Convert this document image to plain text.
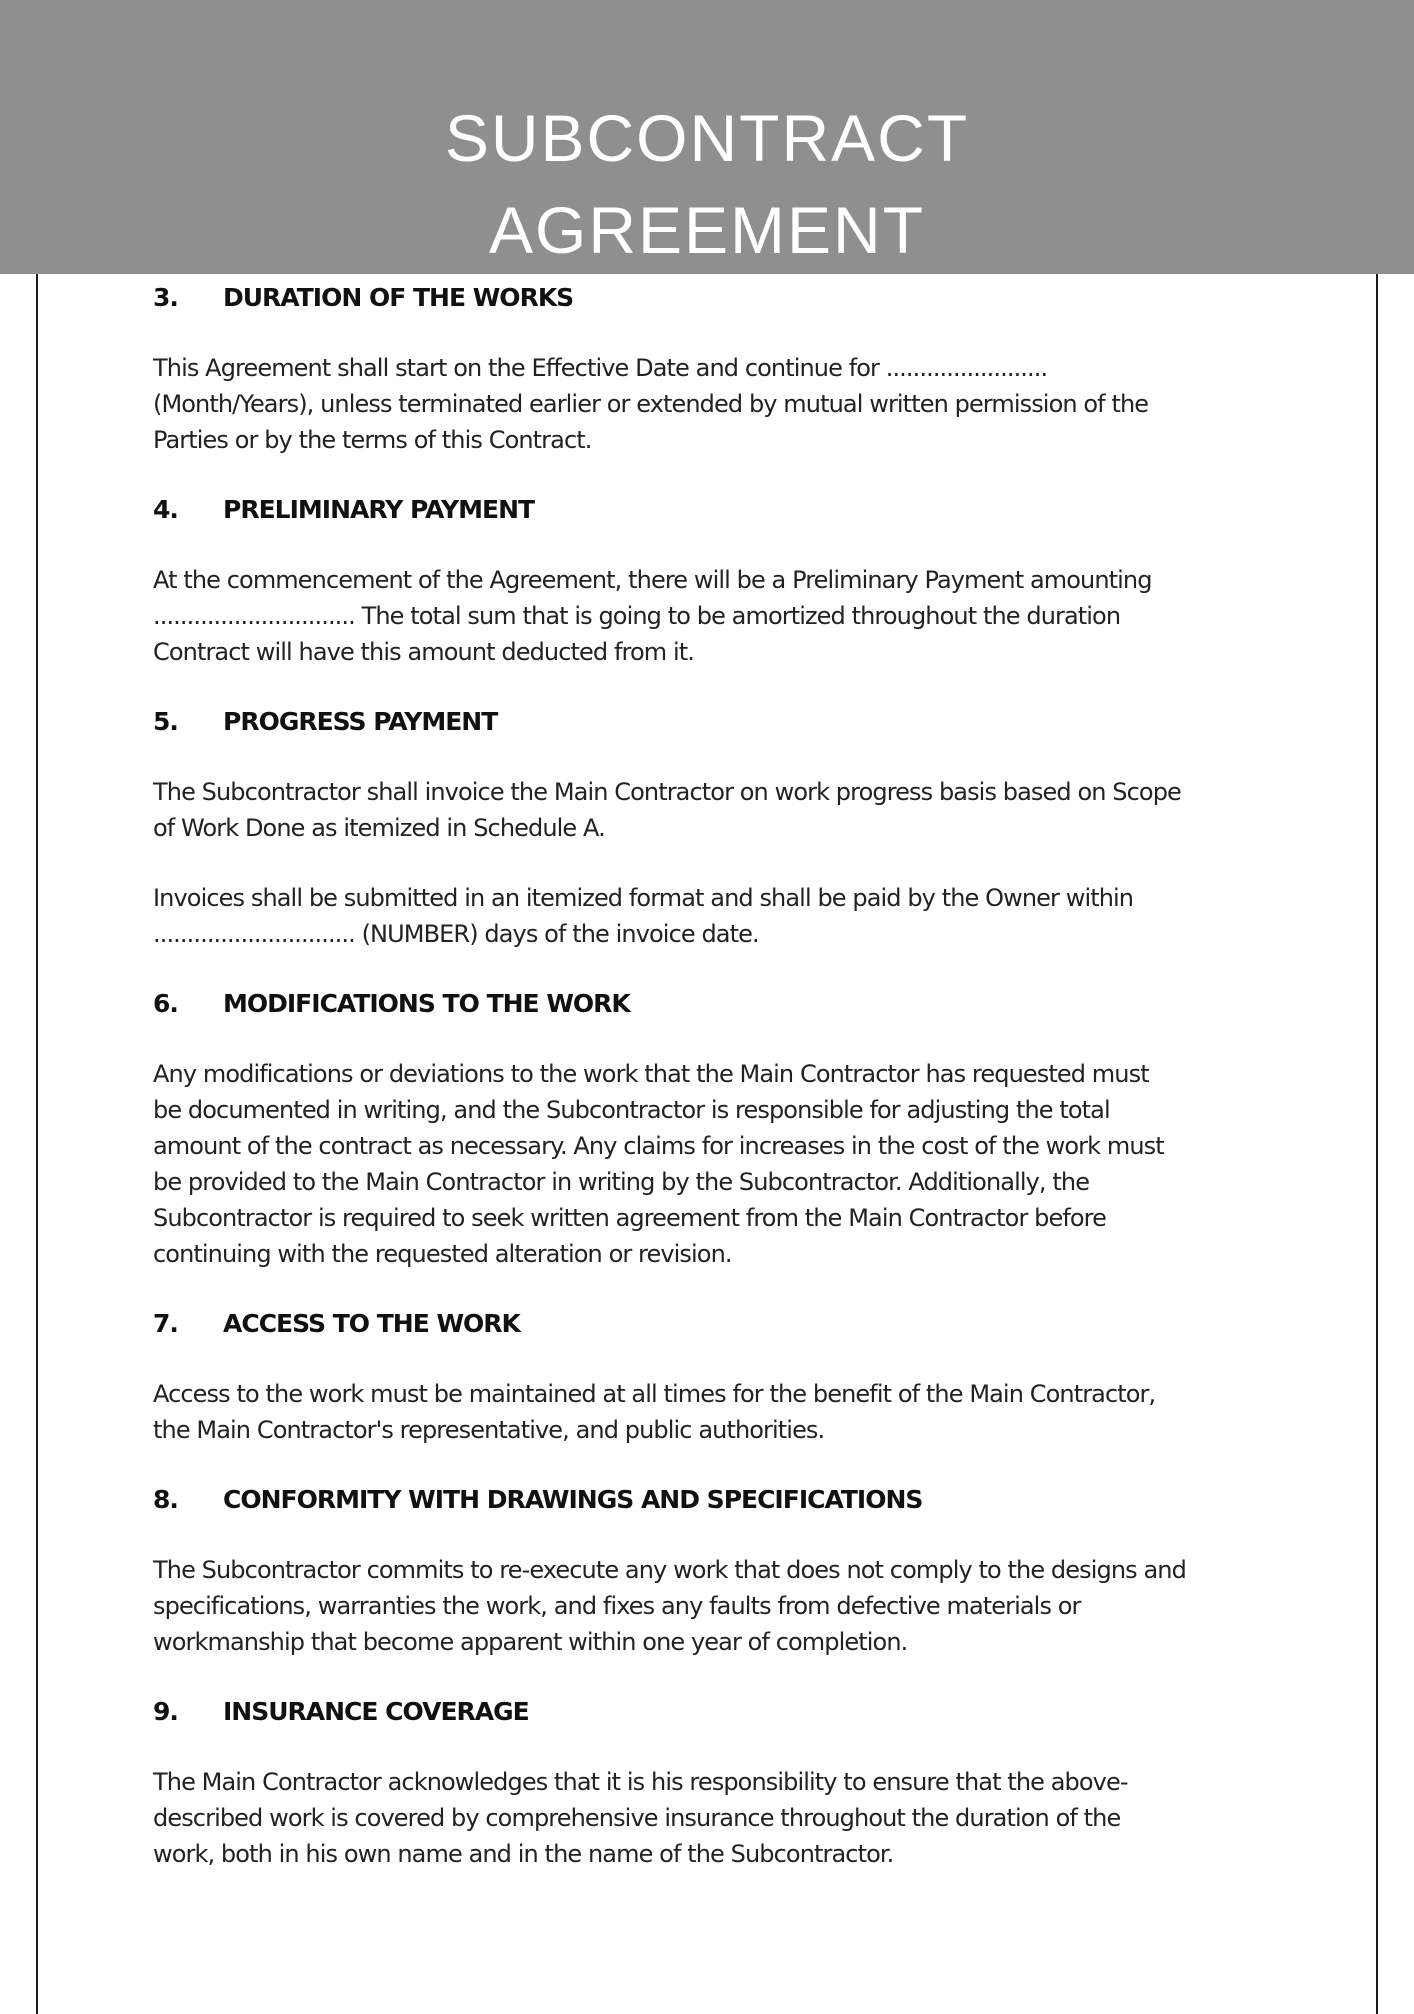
SUBCONTRACT
AGREEMENT
3.	DURATION OF THE WORKS

This Agreement shall start on the Effective Date and continue for ........................
(Month/Years), unless terminated earlier or extended by mutual written permission of the
Parties or by the terms of this Contract.

4.	PRELIMINARY PAYMENT

At the commencement of the Agreement, there will be a Preliminary Payment amounting
.............................. The total sum that is going to be amortized throughout the duration
Contract will have this amount deducted from it.

5.	PROGRESS PAYMENT

The Subcontractor shall invoice the Main Contractor on work progress basis based on Scope
of Work Done as itemized in Schedule A.

Invoices shall be submitted in an itemized format and shall be paid by the Owner within
.............................. (NUMBER) days of the invoice date.

6.	MODIFICATIONS TO THE WORK

Any modifications or deviations to the work that the Main Contractor has requested must
be documented in writing, and the Subcontractor is responsible for adjusting the total
amount of the contract as necessary. Any claims for increases in the cost of the work must
be provided to the Main Contractor in writing by the Subcontractor. Additionally, the
Subcontractor is required to seek written agreement from the Main Contractor before
continuing with the requested alteration or revision.

7.	ACCESS TO THE WORK

Access to the work must be maintained at all times for the benefit of the Main Contractor,
the Main Contractor's representative, and public authorities.

8.	CONFORMITY WITH DRAWINGS AND SPECIFICATIONS

The Subcontractor commits to re-execute any work that does not comply to the designs and
specifications, warranties the work, and fixes any faults from defective materials or
workmanship that become apparent within one year of completion.

9.	INSURANCE COVERAGE

The Main Contractor acknowledges that it is his responsibility to ensure that the above-
described work is covered by comprehensive insurance throughout the duration of the
work, both in his own name and in the name of the Subcontractor.
